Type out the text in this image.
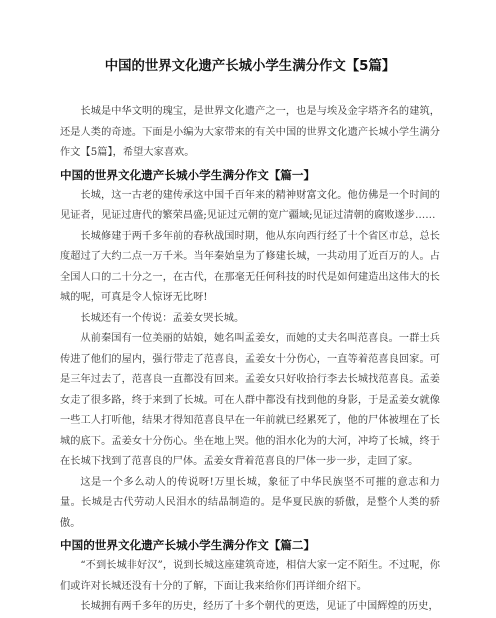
中国的世界文化遗产长城小学生满分作文【5篇】

长城是中华文明的瑰宝，是世界文化遗产之一，也是与埃及金字塔齐名的建筑，还是人类的奇迹。下面是小编为大家带来的有关中国的世界文化遗产长城小学生满分作文【5篇】，希望大家喜欢。

中国的世界文化遗产长城小学生满分作文【篇一】

长城，这一古老的建传承这中国千百年来的精神财富文化。他仿佛是一个时间的见证者，见证过唐代的繁荣昌盛;见证过元朝的宽广疆域;见证过清朝的腐败遂步……

长城修建于两千多年前的春秋战国时期，他从东向西行经了十个省区市总，总长度超过了大约二点一万千米。当年秦始皇为了修建长城，一共动用了近百万的人。占全国人口的二十分之一，在古代，在那毫无任何科技的时代是如何建造出这伟大的长城的呢，可真是令人惊讶无比呀!

长城还有一个传说：孟姜女哭长城。

从前秦国有一位美丽的姑娘，她名叫孟姜女，而她的丈夫名叫范喜良。一群士兵传进了他们的屋内，强行带走了范喜良，孟姜女十分伤心，一直等着范喜良回家。可是三年过去了，范喜良一直都没有回来。孟姜女只好收拾行李去长城找范喜良。孟姜女走了很多路，终于来到了长城。可在人群中都没有找到他的身影，于是孟姜女就像一些工人打听他，结果才得知范喜良早在一年前就已经累死了，他的尸体被埋在了长城的底下。孟姜女十分伤心。坐在地上哭。他的泪水化为的大河，冲垮了长城，终于在长城下找到了范喜良的尸体。孟姜女背着范喜良的尸体一步一步，走回了家。

这是一个多么动人的传说呀!万里长城，象征了中华民族坚不可摧的意志和力量。长城是古代劳动人民泪水的结晶制造的。是华夏民族的骄傲，是整个人类的骄傲。

中国的世界文化遗产长城小学生满分作文【篇二】

“不到长城非好汉”，说到长城这座建筑奇迹，相信大家一定不陌生。不过呢，你们或许对长城还没有十分的了解，下面让我来给你们再详细介绍下。

长城拥有两千多年的历史，经历了十多个朝代的更迭，见证了中国辉煌的历史，
